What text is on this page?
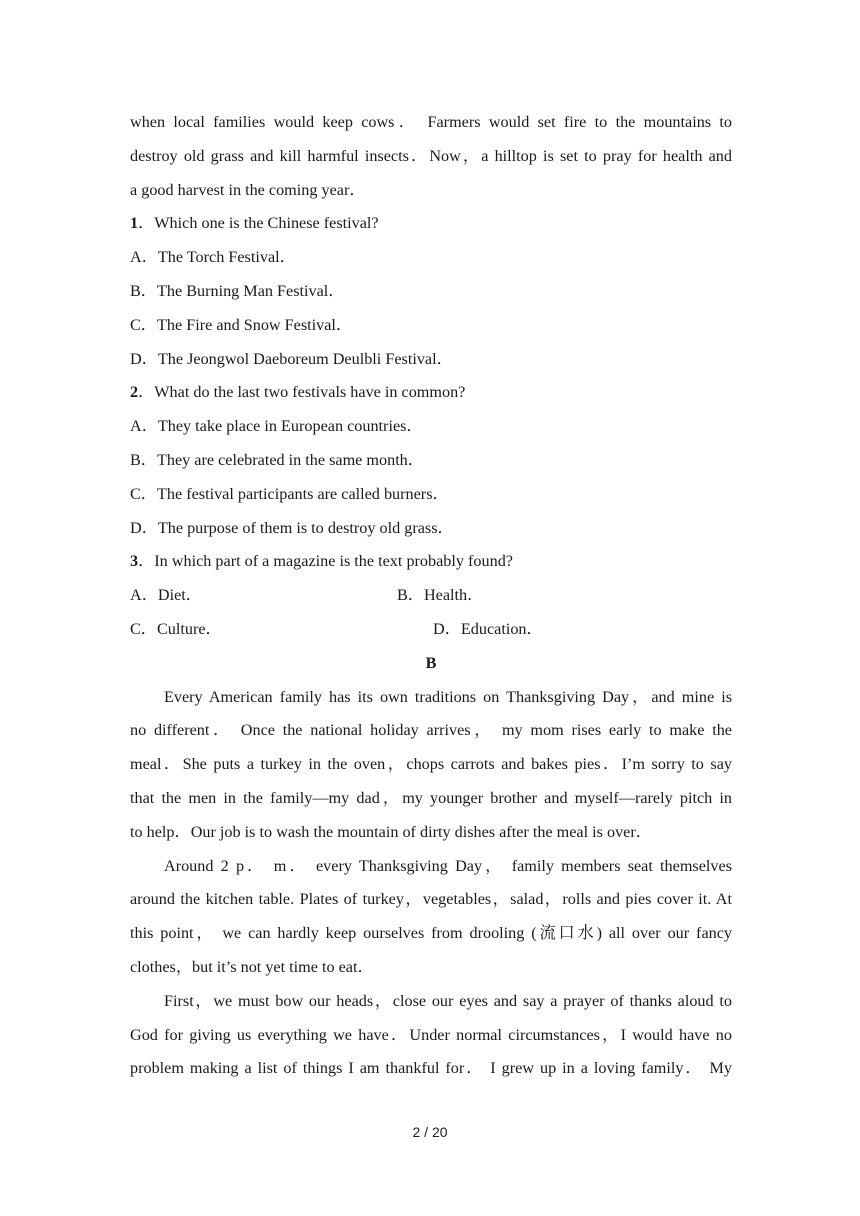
when local families would keep cows． Farmers would set fire to the mountains to
destroy old grass and kill harmful insects．Now，a hilltop is set to pray for health and
a good harvest in the coming year．
1．Which one is the Chinese festival?
A．The Torch Festival．
B．The Burning Man Festival．
C．The Fire and Snow Festival．
D．The Jeongwol Daeboreum Deulbli Festival．
2．What do the last two festivals have in common?
A．They take place in European countries．
B．They are celebrated in the same month．
C．The festival participants are called burners．
D．The purpose of them is to destroy old grass．
3．In which part of a magazine is the text probably found?
A．Diet．	B．Health．
C．Culture．	D．Education．
B
Every American family has its own traditions on Thanksgiving Day，and mine is
no different． Once the national holiday arrives， my mom rises early to make the
meal．She puts a turkey in the oven，chops carrots and bakes pies．I’m sorry to say
that the men in the family—my dad，my younger brother and myself—rarely pitch in
to help．Our job is to wash the mountain of dirty dishes after the meal is over．
Around 2 p． m． every Thanksgiving Day， family members seat themselves
around the kitchen table. Plates of turkey，vegetables，salad，rolls and pies cover it. At
this point， we can hardly keep ourselves from drooling (流口水) all over our fancy
clothes，but it’s not yet time to eat．
First，we must bow our heads，close our eyes and say a prayer of thanks aloud to
God for giving us everything we have．Under normal circumstances，I would have no
problem making a list of things I am thankful for． I grew up in a loving family． My
2 / 20
